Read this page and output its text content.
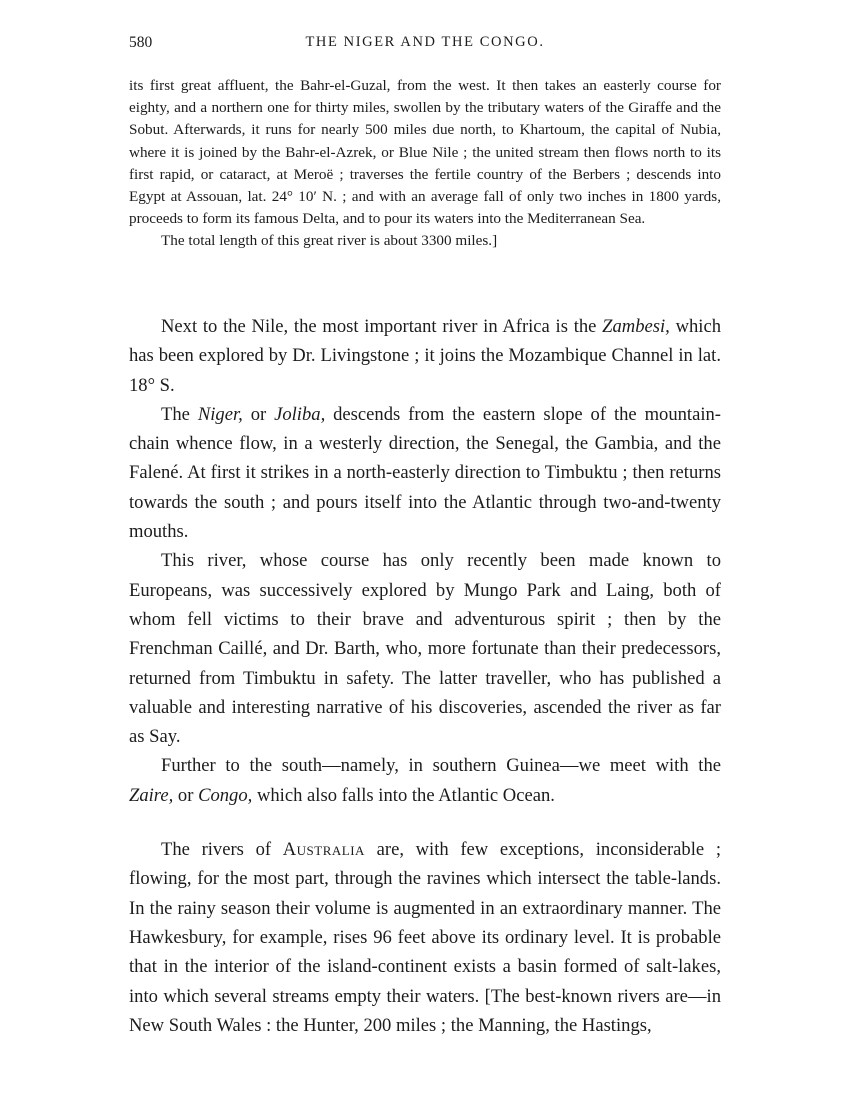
580	THE NIGER AND THE CONGO.

its first great affluent, the Bahr-el-Guzal, from the west. It then takes an easterly course for eighty, and a northern one for thirty miles, swollen by the tributary waters of the Giraffe and the Sobut. Afterwards, it runs for nearly 500 miles due north, to Khartoum, the capital of Nubia, where it is joined by the Bahr-el-Azrek, or Blue Nile ; the united stream then flows north to its first rapid, or cataract, at Meroë ; traverses the fertile country of the Berbers ; descends into Egypt at Assouan, lat. 24° 10′ N. ; and with an average fall of only two inches in 1800 yards, proceeds to form its famous Delta, and to pour its waters into the Mediterranean Sea.

The total length of this great river is about 3300 miles.]

Next to the Nile, the most important river in Africa is the Zambesi, which has been explored by Dr. Livingstone ; it joins the Mozambique Channel in lat. 18° S.

The Niger, or Joliba, descends from the eastern slope of the mountain-chain whence flow, in a westerly direction, the Senegal, the Gambia, and the Falené. At first it strikes in a north-easterly direction to Timbuktu ; then returns towards the south ; and pours itself into the Atlantic through two-and-twenty mouths.

This river, whose course has only recently been made known to Europeans, was successively explored by Mungo Park and Laing, both of whom fell victims to their brave and adventurous spirit ; then by the Frenchman Caillé, and Dr. Barth, who, more fortunate than their predecessors, returned from Timbuktu in safety. The latter traveller, who has published a valuable and interesting narrative of his discoveries, ascended the river as far as Say.

Further to the south—namely, in southern Guinea—we meet with the Zaire, or Congo, which also falls into the Atlantic Ocean.

The rivers of Australia are, with few exceptions, inconsiderable ; flowing, for the most part, through the ravines which intersect the table-lands. In the rainy season their volume is augmented in an extraordinary manner. The Hawkesbury, for example, rises 96 feet above its ordinary level. It is probable that in the interior of the island-continent exists a basin formed of salt-lakes, into which several streams empty their waters. [The best-known rivers are—in New South Wales : the Hunter, 200 miles ; the Manning, the Hastings,
